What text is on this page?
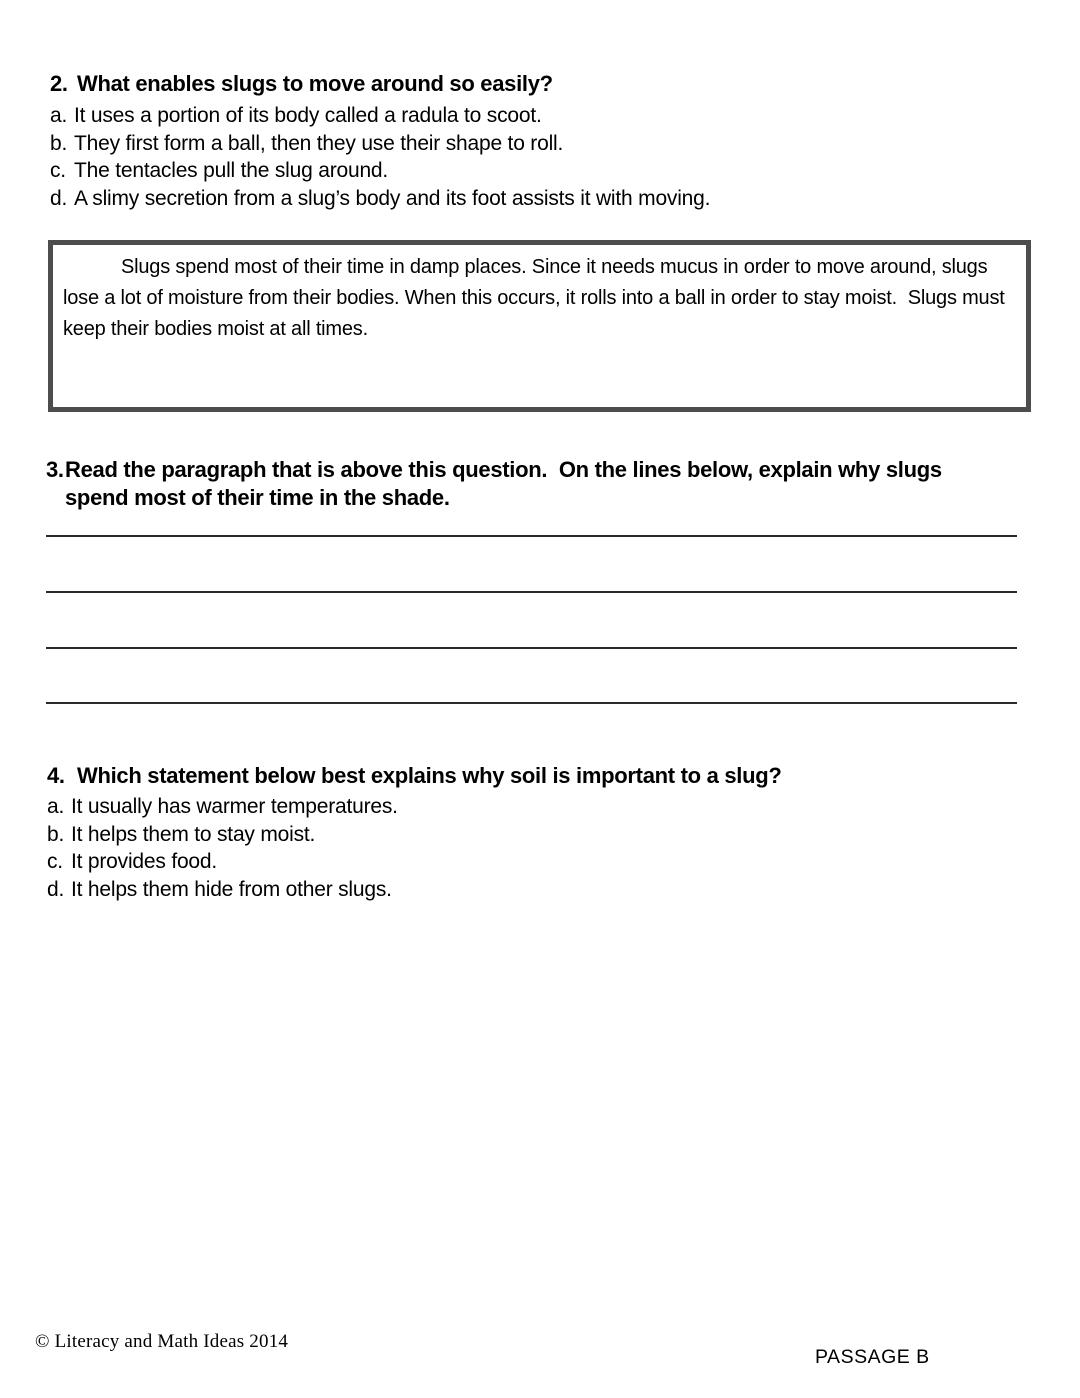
2. What enables slugs to move around so easily?
a. It uses a portion of its body called a radula to scoot.
b. They first form a ball, then they use their shape to roll.
c. The tentacles pull the slug around.
d. A slimy secretion from a slug’s body and its foot assists it with moving.

Slugs spend most of their time in damp places. Since it needs mucus in order to move around, slugs lose a lot of moisture from their bodies. When this occurs, it rolls into a ball in order to stay moist.  Slugs must keep their bodies moist at all times.

3. Read the paragraph that is above this question.  On the lines below, explain why slugs spend most of their time in the shade.
4. Which statement below best explains why soil is important to a slug?
a. It usually has warmer temperatures.
b. It helps them to stay moist.
c. It provides food.
d. It helps them hide from other slugs.
© Literacy and Math Ideas 2014
PASSAGE B
